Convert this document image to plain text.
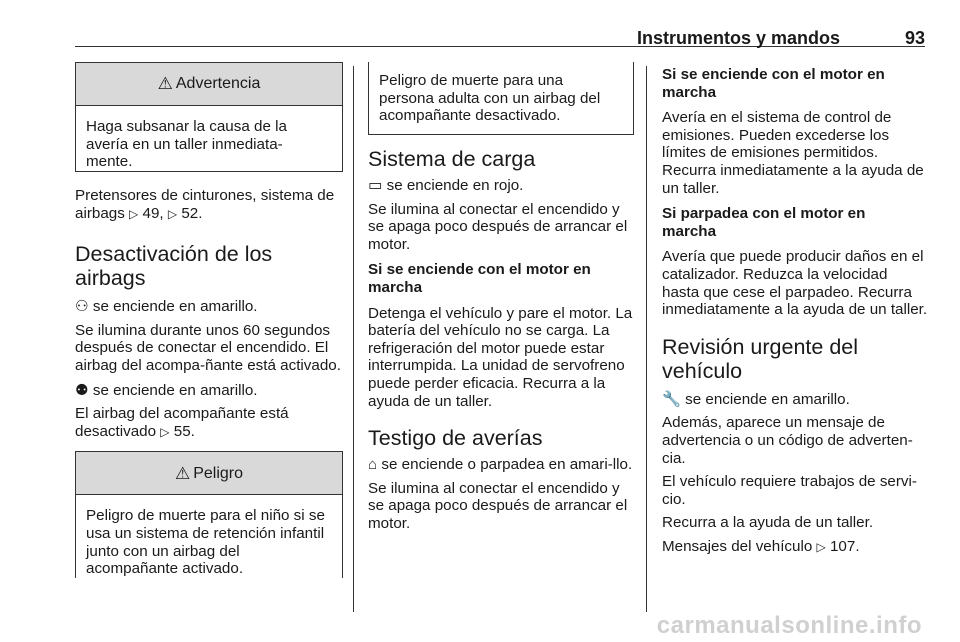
Instrumentos y mandos	93
⚠ Advertencia
Haga subsanar la causa de la avería en un taller inmediata-mente.

Pretensores de cinturones, sistema de airbags ▷ 49, ▷ 52.

Desactivación de los airbags

⚇ se enciende en amarillo.

Se ilumina durante unos 60 segundos después de conectar el encendido. El airbag del acompa-ñante está activado.

⚉ se enciende en amarillo.

El airbag del acompañante está desactivado ▷ 55.

⚠ Peligro
Peligro de muerte para el niño si se usa un sistema de retención infantil junto con un airbag del acompañante activado.
Peligro de muerte para una persona adulta con un airbag del acompañante desactivado.
Sistema de carga

▭ se enciende en rojo.

Se ilumina al conectar el encendido y se apaga poco después de arrancar el motor.

Si se enciende con el motor en marcha

Detenga el vehículo y pare el motor. La batería del vehículo no se carga. La refrigeración del motor puede estar interrumpida. La unidad de servofreno puede perder eficacia. Recurra a la ayuda de un taller.

Testigo de averías

⌂ se enciende o parpadea en amari-llo.

Se ilumina al conectar el encendido y se apaga poco después de arrancar el motor.

Si se enciende con el motor en marcha

Avería en el sistema de control de emisiones. Pueden excederse los límites de emisiones permitidos. Recurra inmediatamente a la ayuda de un taller.

Si parpadea con el motor en marcha

Avería que puede producir daños en el catalizador. Reduzca la velocidad hasta que cese el parpadeo. Recurra inmediatamente a la ayuda de un taller.

Revisión urgente del vehículo

🔧 se enciende en amarillo.

Además, aparece un mensaje de advertencia o un código de adverten-cia.

El vehículo requiere trabajos de servi-cio.

Recurra a la ayuda de un taller.

Mensajes del vehículo ▷ 107.

carmanualsonline.info
